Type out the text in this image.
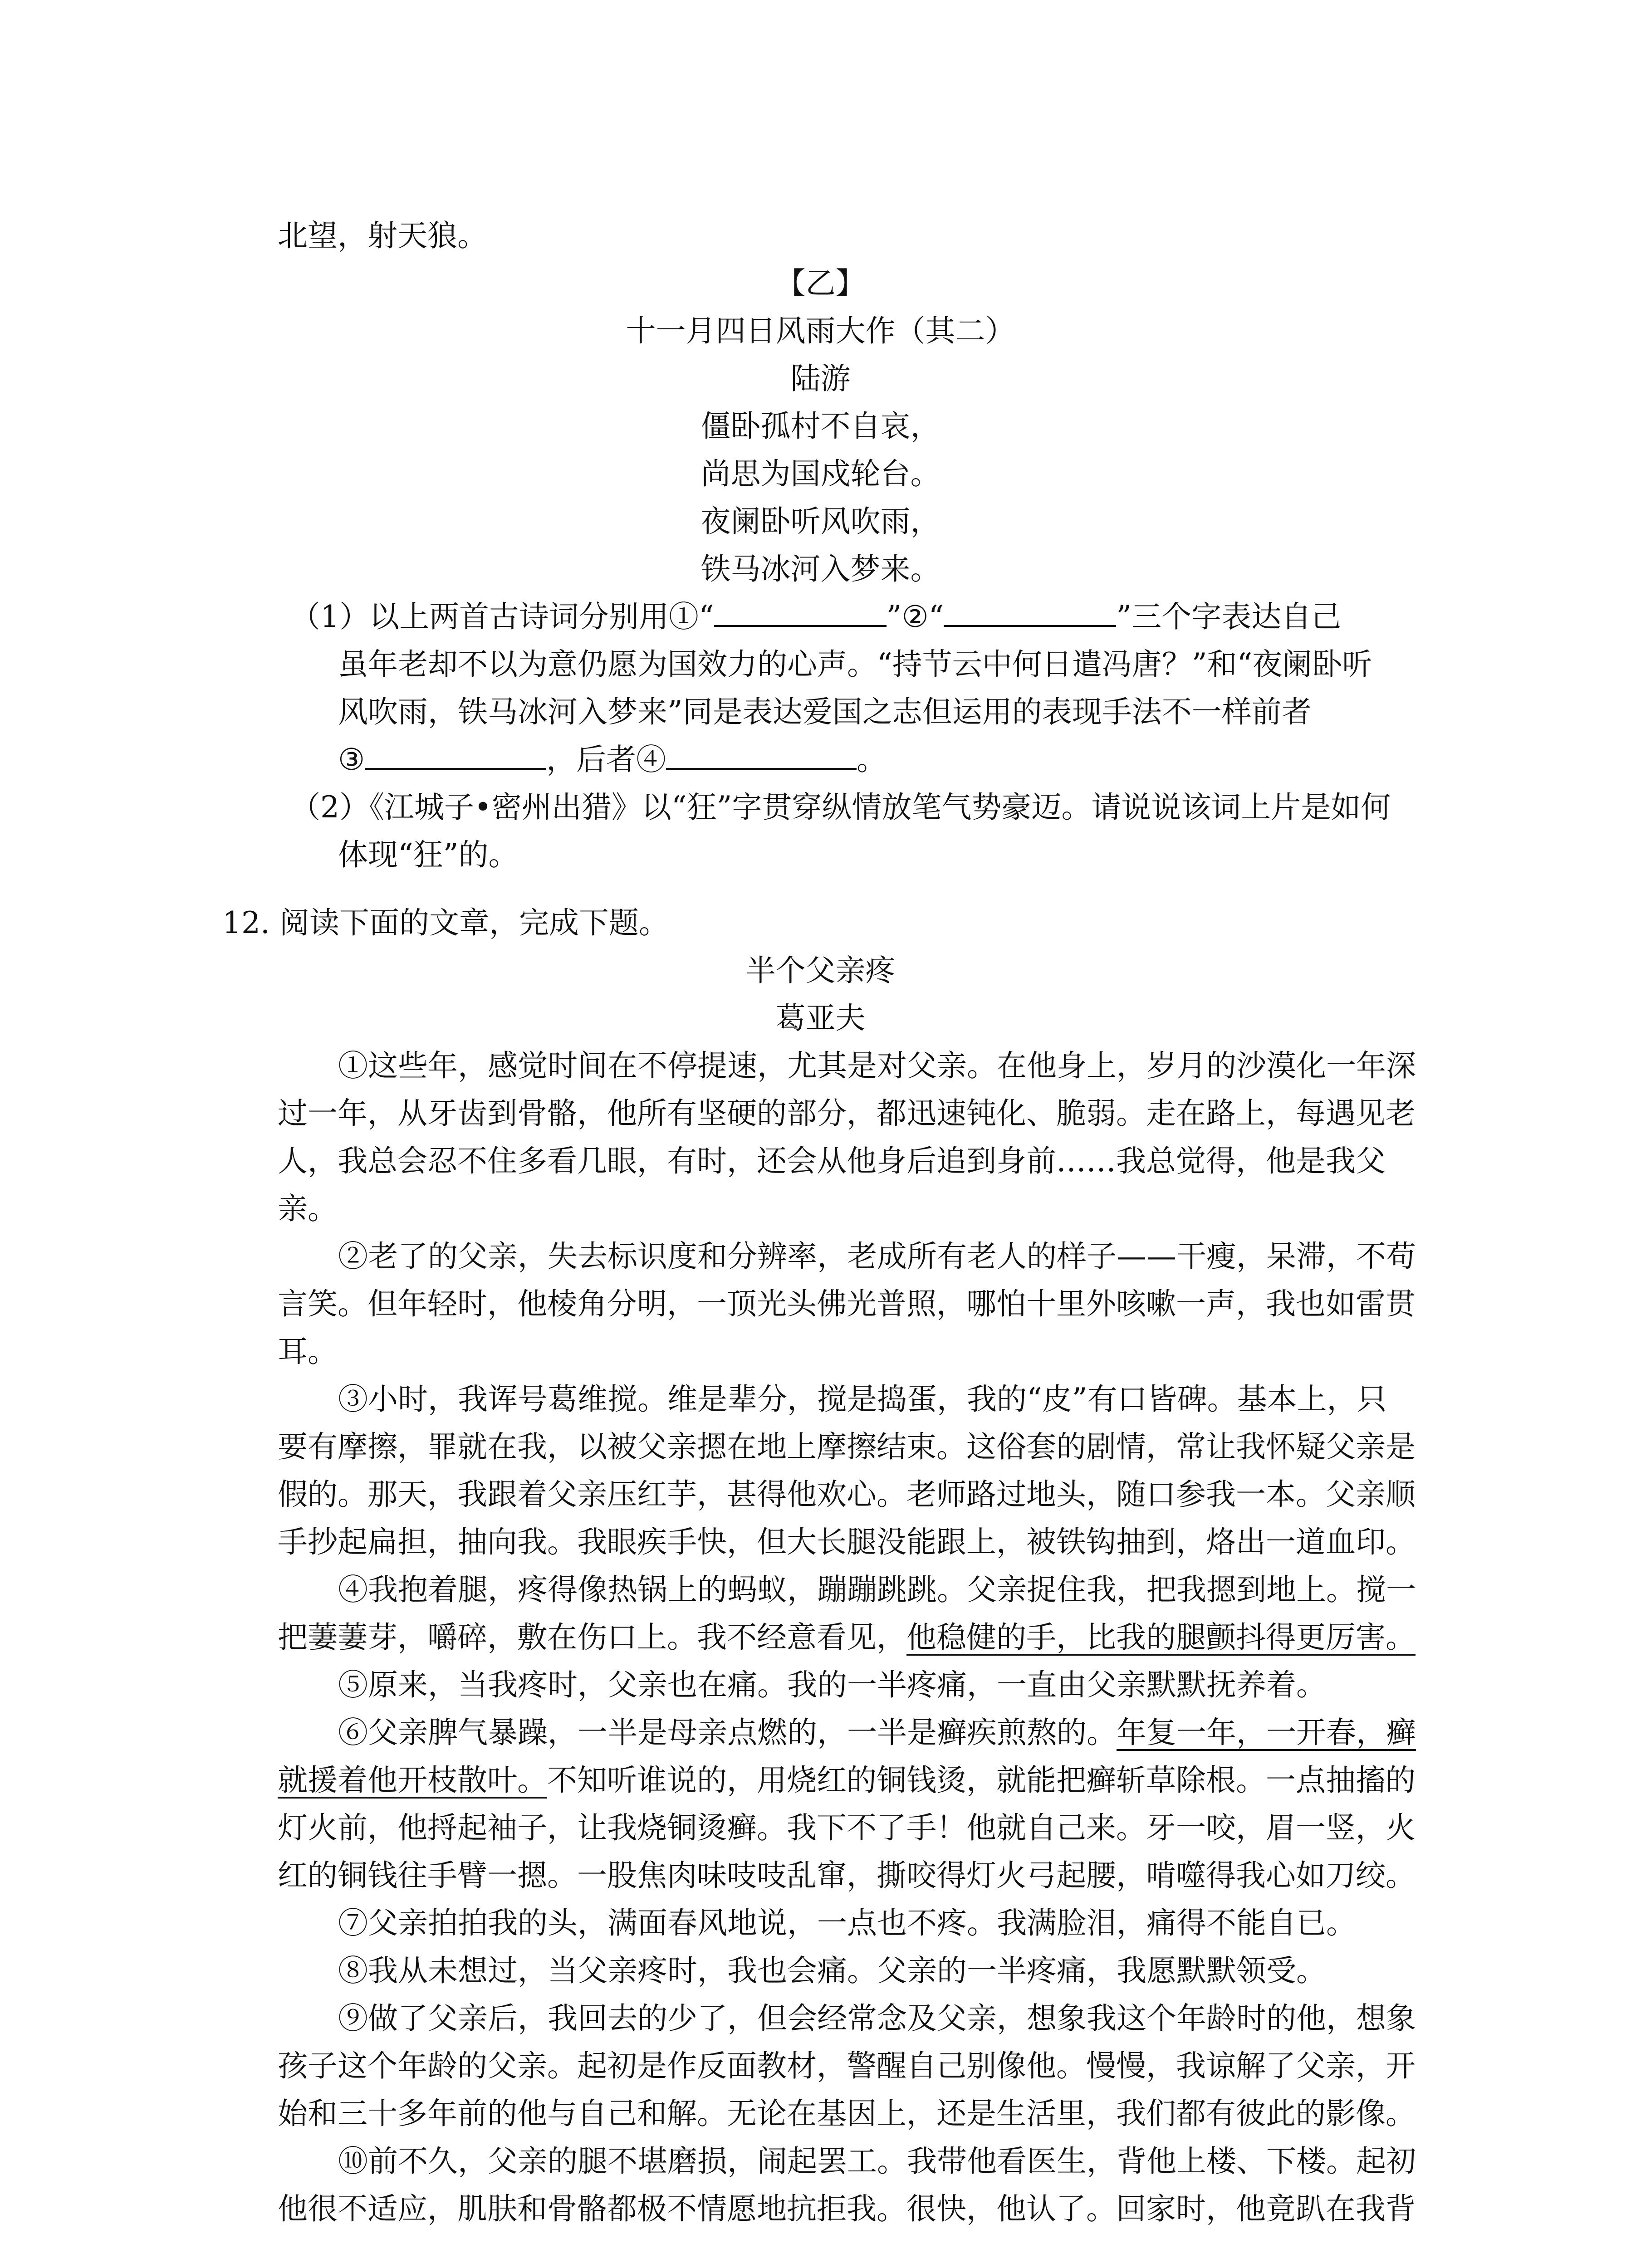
北望，射天狼。
【乙】
十一月四日风雨大作（其二）
陆游
僵卧孤村不自哀，
尚思为国戍轮台。
夜阑卧听风吹雨，
铁马冰河入梦来。
（1）以上两首古诗词分别用①“	”②“	”三个字表达自己
虽年老却不以为意仍愿为国效力的心声。“持节云中何日遣冯唐？”和“夜阑卧听
风吹雨，铁马冰河入梦来”同是表达爱国之志但运用的表现手法不一样前者
③	，后者④	。
（2）《江城子•密州出猎》以“狂”字贯穿纵情放笔气势豪迈。请说说该词上片是如何
体现“狂”的。
12. 阅读下面的文章，完成下题。
半个父亲疼
葛亚夫
①这些年，感觉时间在不停提速，尤其是对父亲。在他身上，岁月的沙漠化一年深
过一年，从牙齿到骨骼，他所有坚硬的部分，都迅速钝化、脆弱。走在路上，每遇见老
人，我总会忍不住多看几眼，有时，还会从他身后追到身前……我总觉得，他是我父
亲。
②老了的父亲，失去标识度和分辨率，老成所有老人的样子——干瘦，呆滞，不苟
言笑。但年轻时，他棱角分明，一顶光头佛光普照，哪怕十里外咳嗽一声，我也如雷贯
耳。
③小时，我诨号葛维搅。维是辈分，搅是捣蛋，我的“皮”有口皆碑。基本上，只
要有摩擦，罪就在我，以被父亲摁在地上摩擦结束。这俗套的剧情，常让我怀疑父亲是
假的。那天，我跟着父亲压红芋，甚得他欢心。老师路过地头，随口参我一本。父亲顺
手抄起扁担，抽向我。我眼疾手快，但大长腿没能跟上，被铁钩抽到，烙出一道血印。
④我抱着腿，疼得像热锅上的蚂蚁，蹦蹦跳跳。父亲捉住我，把我摁到地上。搅一
把萋萋芽，嚼碎，敷在伤口上。我不经意看见，他稳健的手，比我的腿颤抖得更厉害。
⑤原来，当我疼时，父亲也在痛。我的一半疼痛，一直由父亲默默抚养着。
⑥父亲脾气暴躁，一半是母亲点燃的，一半是癣疾煎熬的。年复一年，一开春，癣
就援着他开枝散叶。不知听谁说的，用烧红的铜钱烫，就能把癣斩草除根。一点抽搐的
灯火前，他捋起袖子，让我烧铜烫癣。我下不了手！他就自己来。牙一咬，眉一竖，火
红的铜钱往手臂一摁。一股焦肉味吱吱乱窜，撕咬得灯火弓起腰，啃噬得我心如刀绞。
⑦父亲拍拍我的头，满面春风地说，一点也不疼。我满脸泪，痛得不能自已。
⑧我从未想过，当父亲疼时，我也会痛。父亲的一半疼痛，我愿默默领受。
⑨做了父亲后，我回去的少了，但会经常念及父亲，想象我这个年龄时的他，想象
孩子这个年龄的父亲。起初是作反面教材，警醒自己别像他。慢慢，我谅解了父亲，开
始和三十多年前的他与自己和解。无论在基因上，还是生活里，我们都有彼此的影像。
⑩前不久，父亲的腿不堪磨损，闹起罢工。我带他看医生，背他上楼、下楼。起初
他很不适应，肌肤和骨骼都极不情愿地抗拒我。很快，他认了。回家时，他竟趴在我背
